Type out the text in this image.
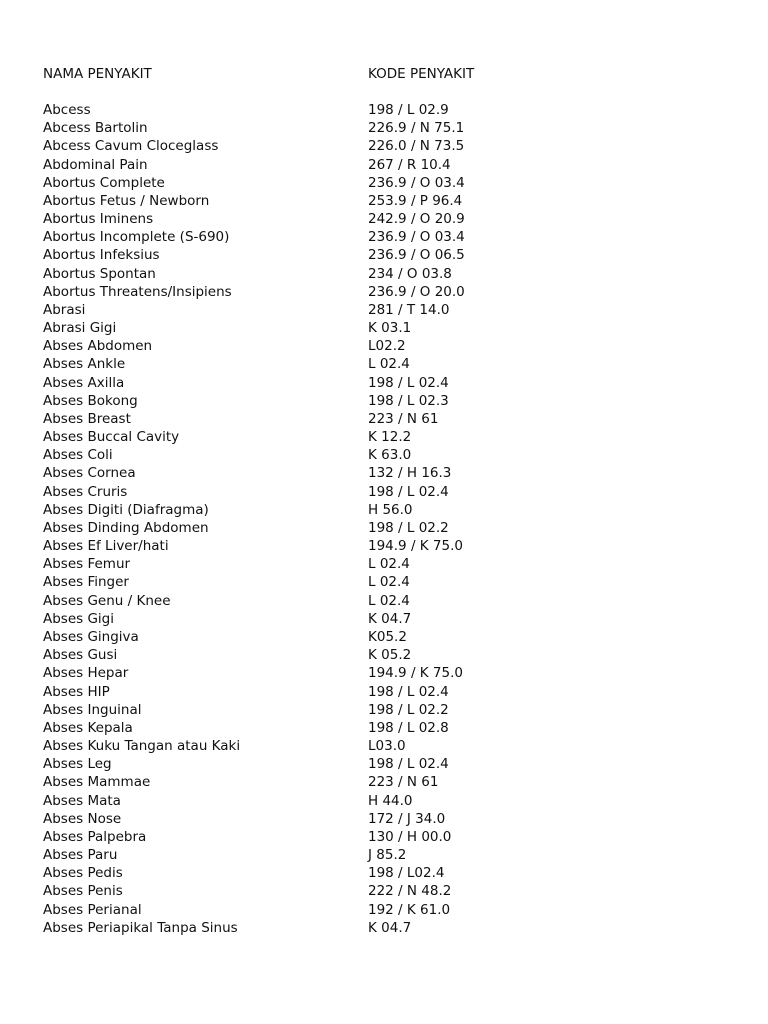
NAMA PENYAKIT	KODE PENYAKIT
Abcess	198 / L 02.9
Abcess Bartolin	226.9 / N 75.1
Abcess Cavum Cloceglass	226.0 / N 73.5
Abdominal Pain	267 / R 10.4
Abortus Complete	236.9 / O 03.4
Abortus Fetus / Newborn	253.9 / P 96.4
Abortus Iminens	242.9 / O 20.9
Abortus Incomplete (S-690)	236.9 / O 03.4
Abortus Infeksius	236.9 / O 06.5
Abortus Spontan	234 / O 03.8
Abortus Threatens/Insipiens	236.9 / O 20.0
Abrasi	281 / T 14.0
Abrasi Gigi	K 03.1
Abses Abdomen	L02.2
Abses Ankle	L 02.4
Abses Axilla	198 / L 02.4
Abses Bokong	198 / L 02.3
Abses Breast	223 / N 61
Abses Buccal Cavity	K 12.2
Abses Coli	K 63.0
Abses Cornea	132 / H 16.3
Abses Cruris	198 / L 02.4
Abses Digiti (Diafragma)	H 56.0
Abses Dinding Abdomen	198 / L 02.2
Abses Ef Liver/hati	194.9 / K 75.0
Abses Femur	L 02.4
Abses Finger	L 02.4
Abses Genu / Knee	L 02.4
Abses Gigi	K 04.7
Abses Gingiva	K05.2
Abses Gusi	K 05.2
Abses Hepar	194.9 / K 75.0
Abses HIP	198 / L 02.4
Abses Inguinal	198 / L 02.2
Abses Kepala	198 / L 02.8
Abses Kuku Tangan atau Kaki	L03.0
Abses Leg	198 / L 02.4
Abses Mammae	223 / N 61
Abses Mata	H 44.0
Abses Nose	172 / J 34.0
Abses Palpebra	130 / H 00.0
Abses Paru	J 85.2
Abses Pedis	198 / L02.4
Abses Penis	222 / N 48.2
Abses Perianal	192 / K 61.0
Abses Periapikal Tanpa Sinus	K 04.7
